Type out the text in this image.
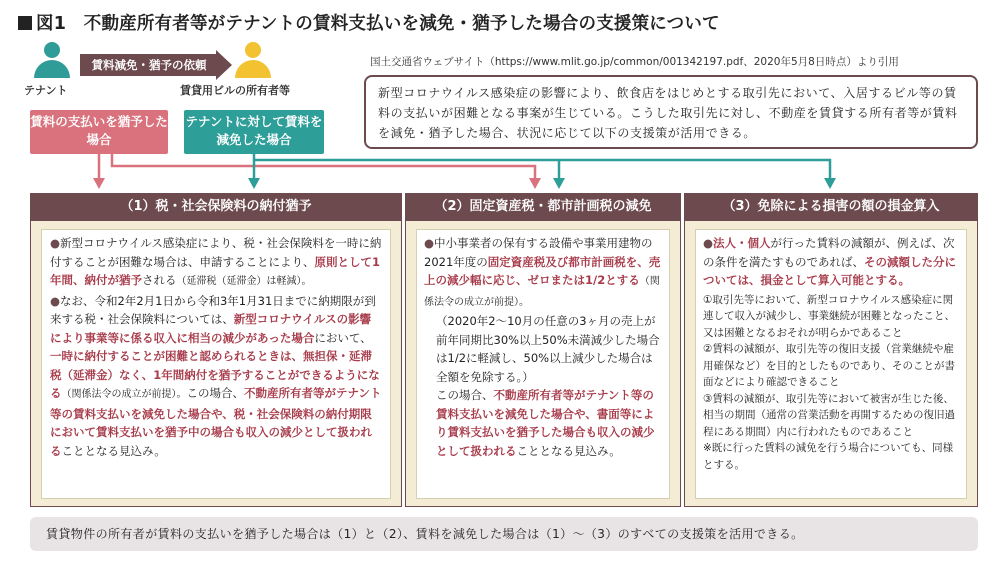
図1　不動産所有者等がテナントの賃料支払いを減免・猶予した場合の支援策について
テナント
賃料減免・猶予の依頼
賃貸用ビルの所有者等
国土交通省ウェブサイト（https://www.mlit.go.jp/common/001342197.pdf、2020年5月8日時点）より引用
新型コロナウイルス感染症の影響により、飲食店をはじめとする取引先において、入居するビル等の賃料の支払いが困難となる事案が生じている。こうした取引先に対し、不動産を賃貸する所有者等が賃料を減免・猶予した場合、状況に応じて以下の支援策が活用できる。
賃料の支払いを猶予した場合
テナントに対して賃料を減免した場合
（1）税・社会保険料の納付猶予

●新型コロナウイルス感染症により、税・社会保険料を一時に納付することが困難な場合は、申請することにより、原則として1年間、納付が猶予される（延滞税（延滞金）は軽減）。

●なお、令和2年2月1日から令和3年1月31日までに納期限が到来する税・社会保険料については、新型コロナウイルスの影響により事業等に係る収入に相当の減少があった場合において、一時に納付することが困難と認められるときは、無担保・延滞税（延滞金）なく、1年間納付を猶予することができるようになる（関係法令の成立が前提）。この場合、不動産所有者等がテナント等の賃料支払いを減免した場合や、税・社会保険料の納付期限において賃料支払いを猶予中の場合も収入の減少として扱われることとなる見込み。

（2）固定資産税・都市計画税の減免

●中小事業者の保有する設備や事業用建物の2021年度の固定資産税及び都市計画税を、売上の減少幅に応じ、ゼロまたは1/2とする（関係法令の成立が前提）。

（2020年2～10月の任意の3ヶ月の売上が前年同期比30%以上50%未満減少した場合は1/2に軽減し、50%以上減少した場合は全額を免除する。）

この場合、不動産所有者等がテナント等の賃料支払いを減免した場合や、書面等により賃料支払いを猶予した場合も収入の減少として扱われることとなる見込み。

（3）免除による損害の額の損金算入

●法人・個人が行った賃料の減額が、例えば、次の条件を満たすものであれば、その減額した分については、損金として算入可能とする。

①取引先等において、新型コロナウイルス感染症に関連して収入が減少し、事業継続が困難となったこと、又は困難となるおそれが明らかであること

②賃料の減額が、取引先等の復旧支援（営業継続や雇用確保など）を目的としたものであり、そのことが書面などにより確認できること

③賃料の減額が、取引先等において被害が生じた後、相当の期間（通常の営業活動を再開するための復旧過程にある期間）内に行われたものであること

※既に行った賃料の減免を行う場合についても、同様とする。

賃貸物件の所有者が賃料の支払いを猶予した場合は（1）と（2）、賃料を減免した場合は（1）～（3）のすべての支援策を活用できる。
